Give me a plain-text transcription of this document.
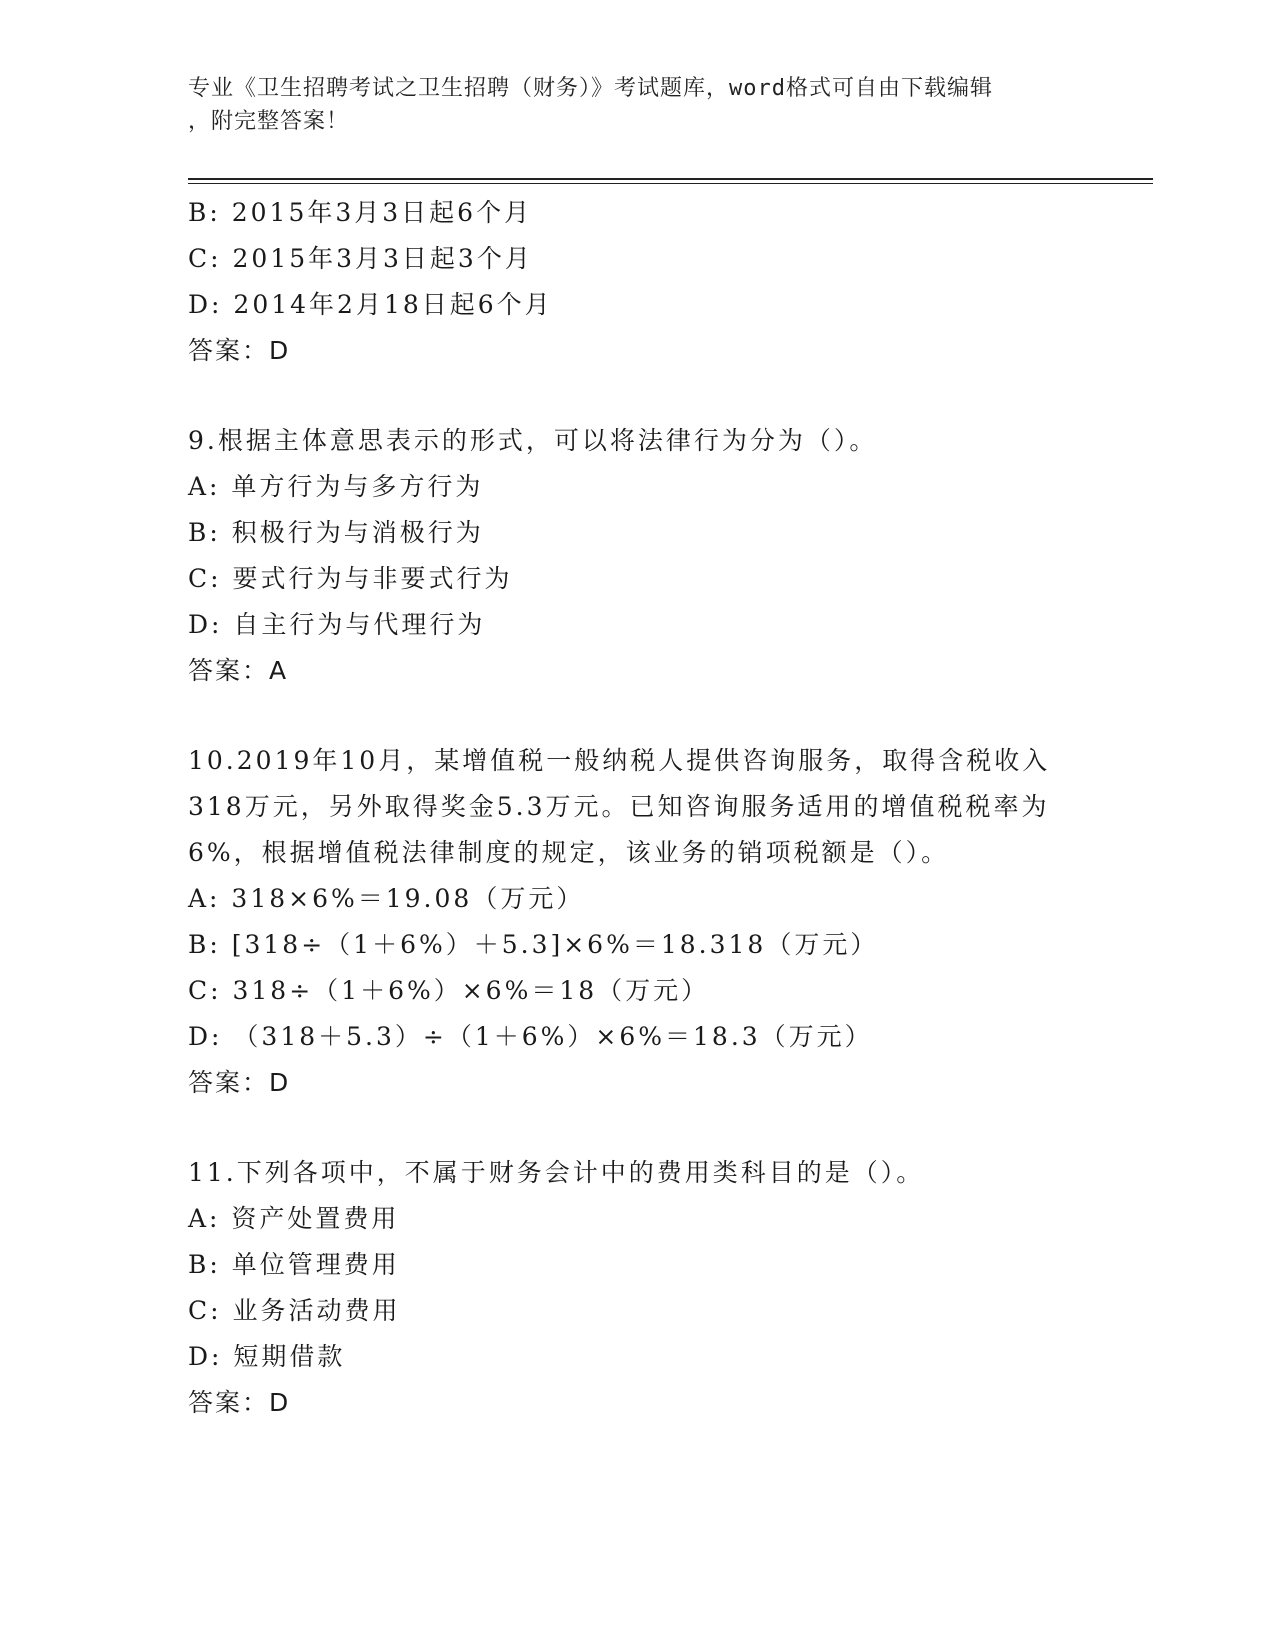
专业《卫生招聘考试之卫生招聘（财务）》考试题库，word格式可自由下载编辑
，附完整答案！
B: 2015年3月3日起6个月
C: 2015年3月3日起3个月
D: 2014年2月18日起6个月
答案：D
9.根据主体意思表示的形式，可以将法律行为分为（）。
A: 单方行为与多方行为
B: 积极行为与消极行为
C: 要式行为与非要式行为
D: 自主行为与代理行为
答案：A
10.2019年10月，某增值税一般纳税人提供咨询服务，取得含税收入
318万元，另外取得奖金5.3万元。已知咨询服务适用的增值税税率为
6%，根据增值税法律制度的规定，该业务的销项税额是（）。
A: 318×6%＝19.08（万元）
B: [318÷（1＋6%）＋5.3]×6%＝18.318（万元）
C: 318÷（1＋6%）×6%＝18（万元）
D: （318＋5.3）÷（1＋6%）×6%＝18.3（万元）
答案：D
11.下列各项中，不属于财务会计中的费用类科目的是（）。
A: 资产处置费用
B: 单位管理费用
C: 业务活动费用
D: 短期借款
答案：D
